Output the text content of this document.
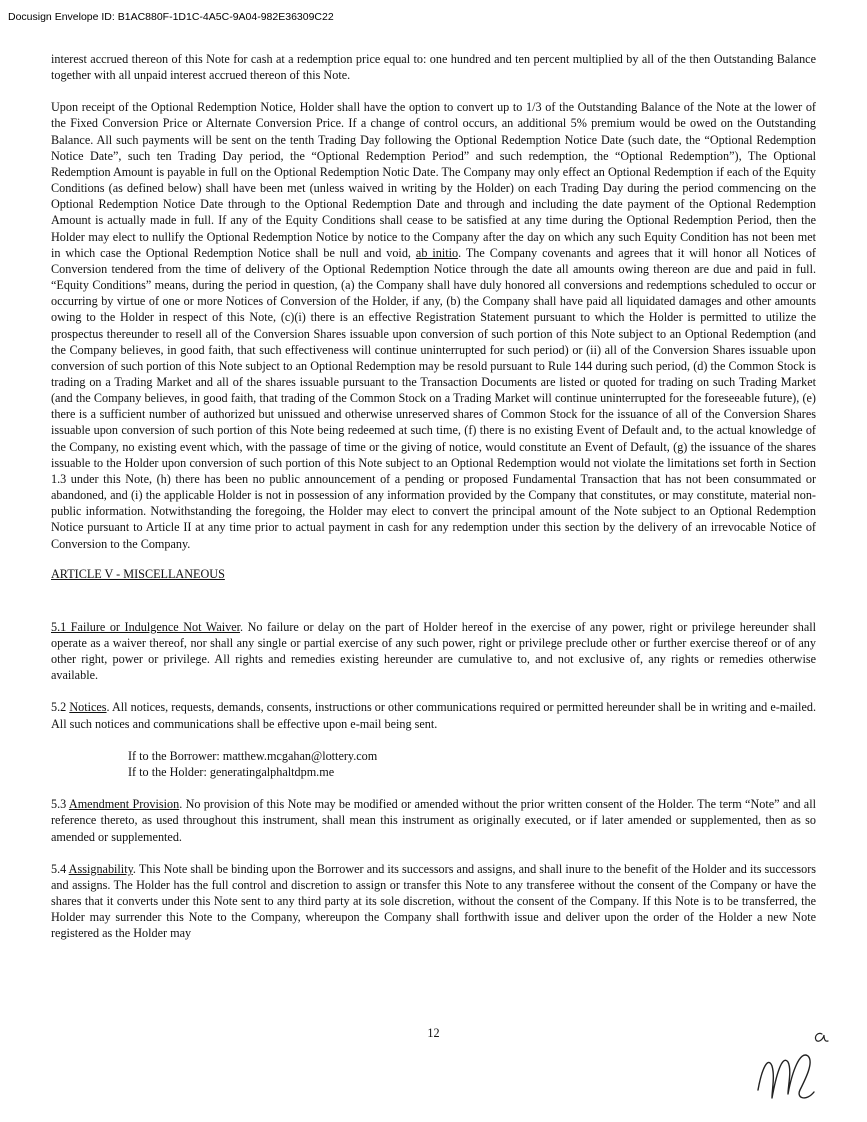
Docusign Envelope ID: B1AC880F-1D1C-4A5C-9A04-982E36309C22

interest accrued thereon of this Note for cash at a redemption price equal to: one hundred and ten percent multiplied by all of the then Outstanding Balance together with all unpaid interest accrued thereon of this Note.

Upon receipt of the Optional Redemption Notice, Holder shall have the option to convert up to 1/3 of the Outstanding Balance of the Note at the lower of the Fixed Conversion Price or Alternate Conversion Price. If a change of control occurs, an additional 5% premium would be owed on the Outstanding Balance. All such payments will be sent on the tenth Trading Day following the Optional Redemption Notice Date (such date, the “Optional Redemption Notice Date”, such ten Trading Day period, the “Optional Redemption Period” and such redemption, the “Optional Redemption”), The Optional Redemption Amount is payable in full on the Optional Redemption Notic Date. The Company may only effect an Optional Redemption if each of the Equity Conditions (as defined below) shall have been met (unless waived in writing by the Holder) on each Trading Day during the period commencing on the Optional Redemption Notice Date through to the Optional Redemption Date and through and including the date payment of the Optional Redemption Amount is actually made in full. If any of the Equity Conditions shall cease to be satisfied at any time during the Optional Redemption Period, then the Holder may elect to nullify the Optional Redemption Notice by notice to the Company after the day on which any such Equity Condition has not been met in which case the Optional Redemption Notice shall be null and void, ab initio. The Company covenants and agrees that it will honor all Notices of Conversion tendered from the time of delivery of the Optional Redemption Notice through the date all amounts owing thereon are due and paid in full. “Equity Conditions” means, during the period in question, (a) the Company shall have duly honored all conversions and redemptions scheduled to occur or occurring by virtue of one or more Notices of Conversion of the Holder, if any, (b) the Company shall have paid all liquidated damages and other amounts owing to the Holder in respect of this Note, (c)(i) there is an effective Registration Statement pursuant to which the Holder is permitted to utilize the prospectus thereunder to resell all of the Conversion Shares issuable upon conversion of such portion of this Note subject to an Optional Redemption (and the Company believes, in good faith, that such effectiveness will continue uninterrupted for such period) or (ii) all of the Conversion Shares issuable upon conversion of such portion of this Note subject to an Optional Redemption may be resold pursuant to Rule 144 during such period, (d) the Common Stock is trading on a Trading Market and all of the shares issuable pursuant to the Transaction Documents are listed or quoted for trading on such Trading Market (and the Company believes, in good faith, that trading of the Common Stock on a Trading Market will continue uninterrupted for the foreseeable future), (e) there is a sufficient number of authorized but unissued and otherwise unreserved shares of Common Stock for the issuance of all of the Conversion Shares issuable upon conversion of such portion of this Note being redeemed at such time, (f) there is no existing Event of Default and, to the actual knowledge of the Company, no existing event which, with the passage of time or the giving of notice, would constitute an Event of Default, (g) the issuance of the shares issuable to the Holder upon conversion of such portion of this Note subject to an Optional Redemption would not violate the limitations set forth in Section 1.3 under this Note, (h) there has been no public announcement of a pending or proposed Fundamental Transaction that has not been consummated or abandoned, and (i) the applicable Holder is not in possession of any information provided by the Company that constitutes, or may constitute, material non-public information. Notwithstanding the foregoing, the Holder may elect to convert the principal amount of the Note subject to an Optional Redemption Notice pursuant to Article II at any time prior to actual payment in cash for any redemption under this section by the delivery of an irrevocable Notice of Conversion to the Company.

ARTICLE V - MISCELLANEOUS

5.1 Failure or Indulgence Not Waiver. No failure or delay on the part of Holder hereof in the exercise of any power, right or privilege hereunder shall operate as a waiver thereof, nor shall any single or partial exercise of any such power, right or privilege preclude other or further exercise thereof or of any other right, power or privilege. All rights and remedies existing hereunder are cumulative to, and not exclusive of, any rights or remedies otherwise available.

5.2 Notices. All notices, requests, demands, consents, instructions or other communications required or permitted hereunder shall be in writing and e-mailed. All such notices and communications shall be effective upon e-mail being sent.

If to the Borrower: matthew.mcgahan@lottery.com
If to the Holder: generatingalphaltdpm.me

5.3 Amendment Provision. No provision of this Note may be modified or amended without the prior written consent of the Holder. The term “Note” and all reference thereto, as used throughout this instrument, shall mean this instrument as originally executed, or if later amended or supplemented, then as so amended or supplemented.

5.4 Assignability. This Note shall be binding upon the Borrower and its successors and assigns, and shall inure to the benefit of the Holder and its successors and assigns. The Holder has the full control and discretion to assign or transfer this Note to any transferee without the consent of the Company or have the shares that it converts under this Note sent to any third party at its sole discretion, without the consent of the Company. If this Note is to be transferred, the Holder may surrender this Note to the Company, whereupon the Company shall forthwith issue and deliver upon the order of the Holder a new Note registered as the Holder may

12
